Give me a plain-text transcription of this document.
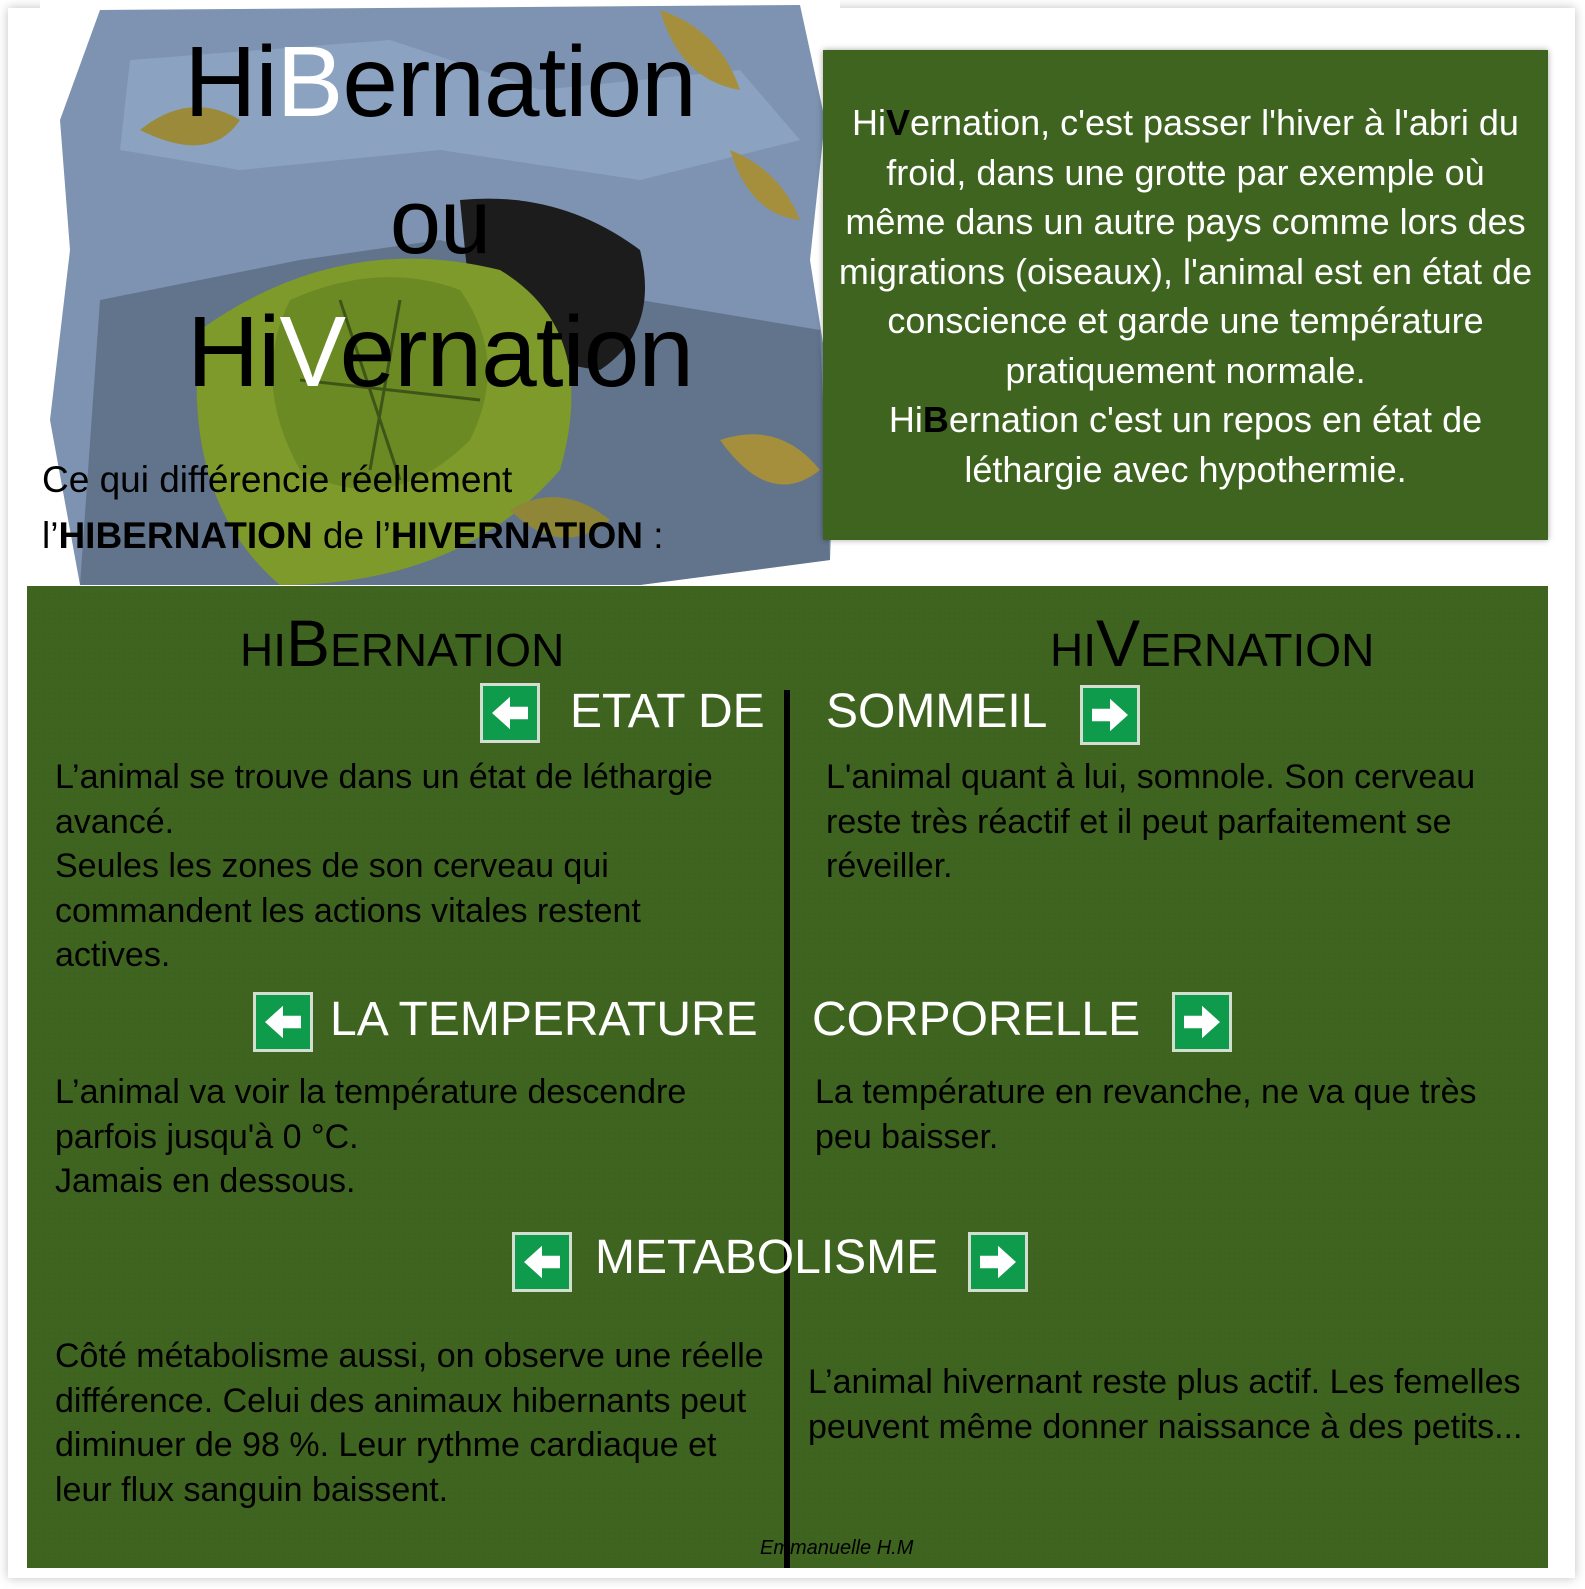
HiBernation
ou
HiVernation
Ce qui différencie réellement
l’HIBERNATION de l’HIVERNATION :
HiVernation, c'est passer l'hiver à l'abri du froid, dans une grotte par exemple où même dans un autre pays comme lors des migrations (oiseaux), l'animal est en état de conscience et garde une température pratiquement normale.
HiBernation c'est un repos en état de léthargie avec hypothermie.
HIBERNATION	HIVERNATION
ETAT DE SOMMEIL
L’animal se trouve dans un état de léthargie avancé.
Seules les zones de son cerveau qui commandent les actions vitales restent actives.
L'animal quant à lui, somnole. Son cerveau reste très réactif et il peut parfaitement se réveiller.
LA TEMPERATURE CORPORELLE
L’animal va voir la température descendre parfois jusqu'à 0 °C.
Jamais en dessous.
La température en revanche, ne va que très peu baisser.
METABOLISME
Côté métabolisme aussi, on observe une réelle différence. Celui des animaux hibernants peut diminuer de 98 %. Leur rythme cardiaque et leur flux sanguin baissent.
L’animal hivernant reste plus actif. Les femelles peuvent même donner naissance à des petits...
Emmanuelle H.M
